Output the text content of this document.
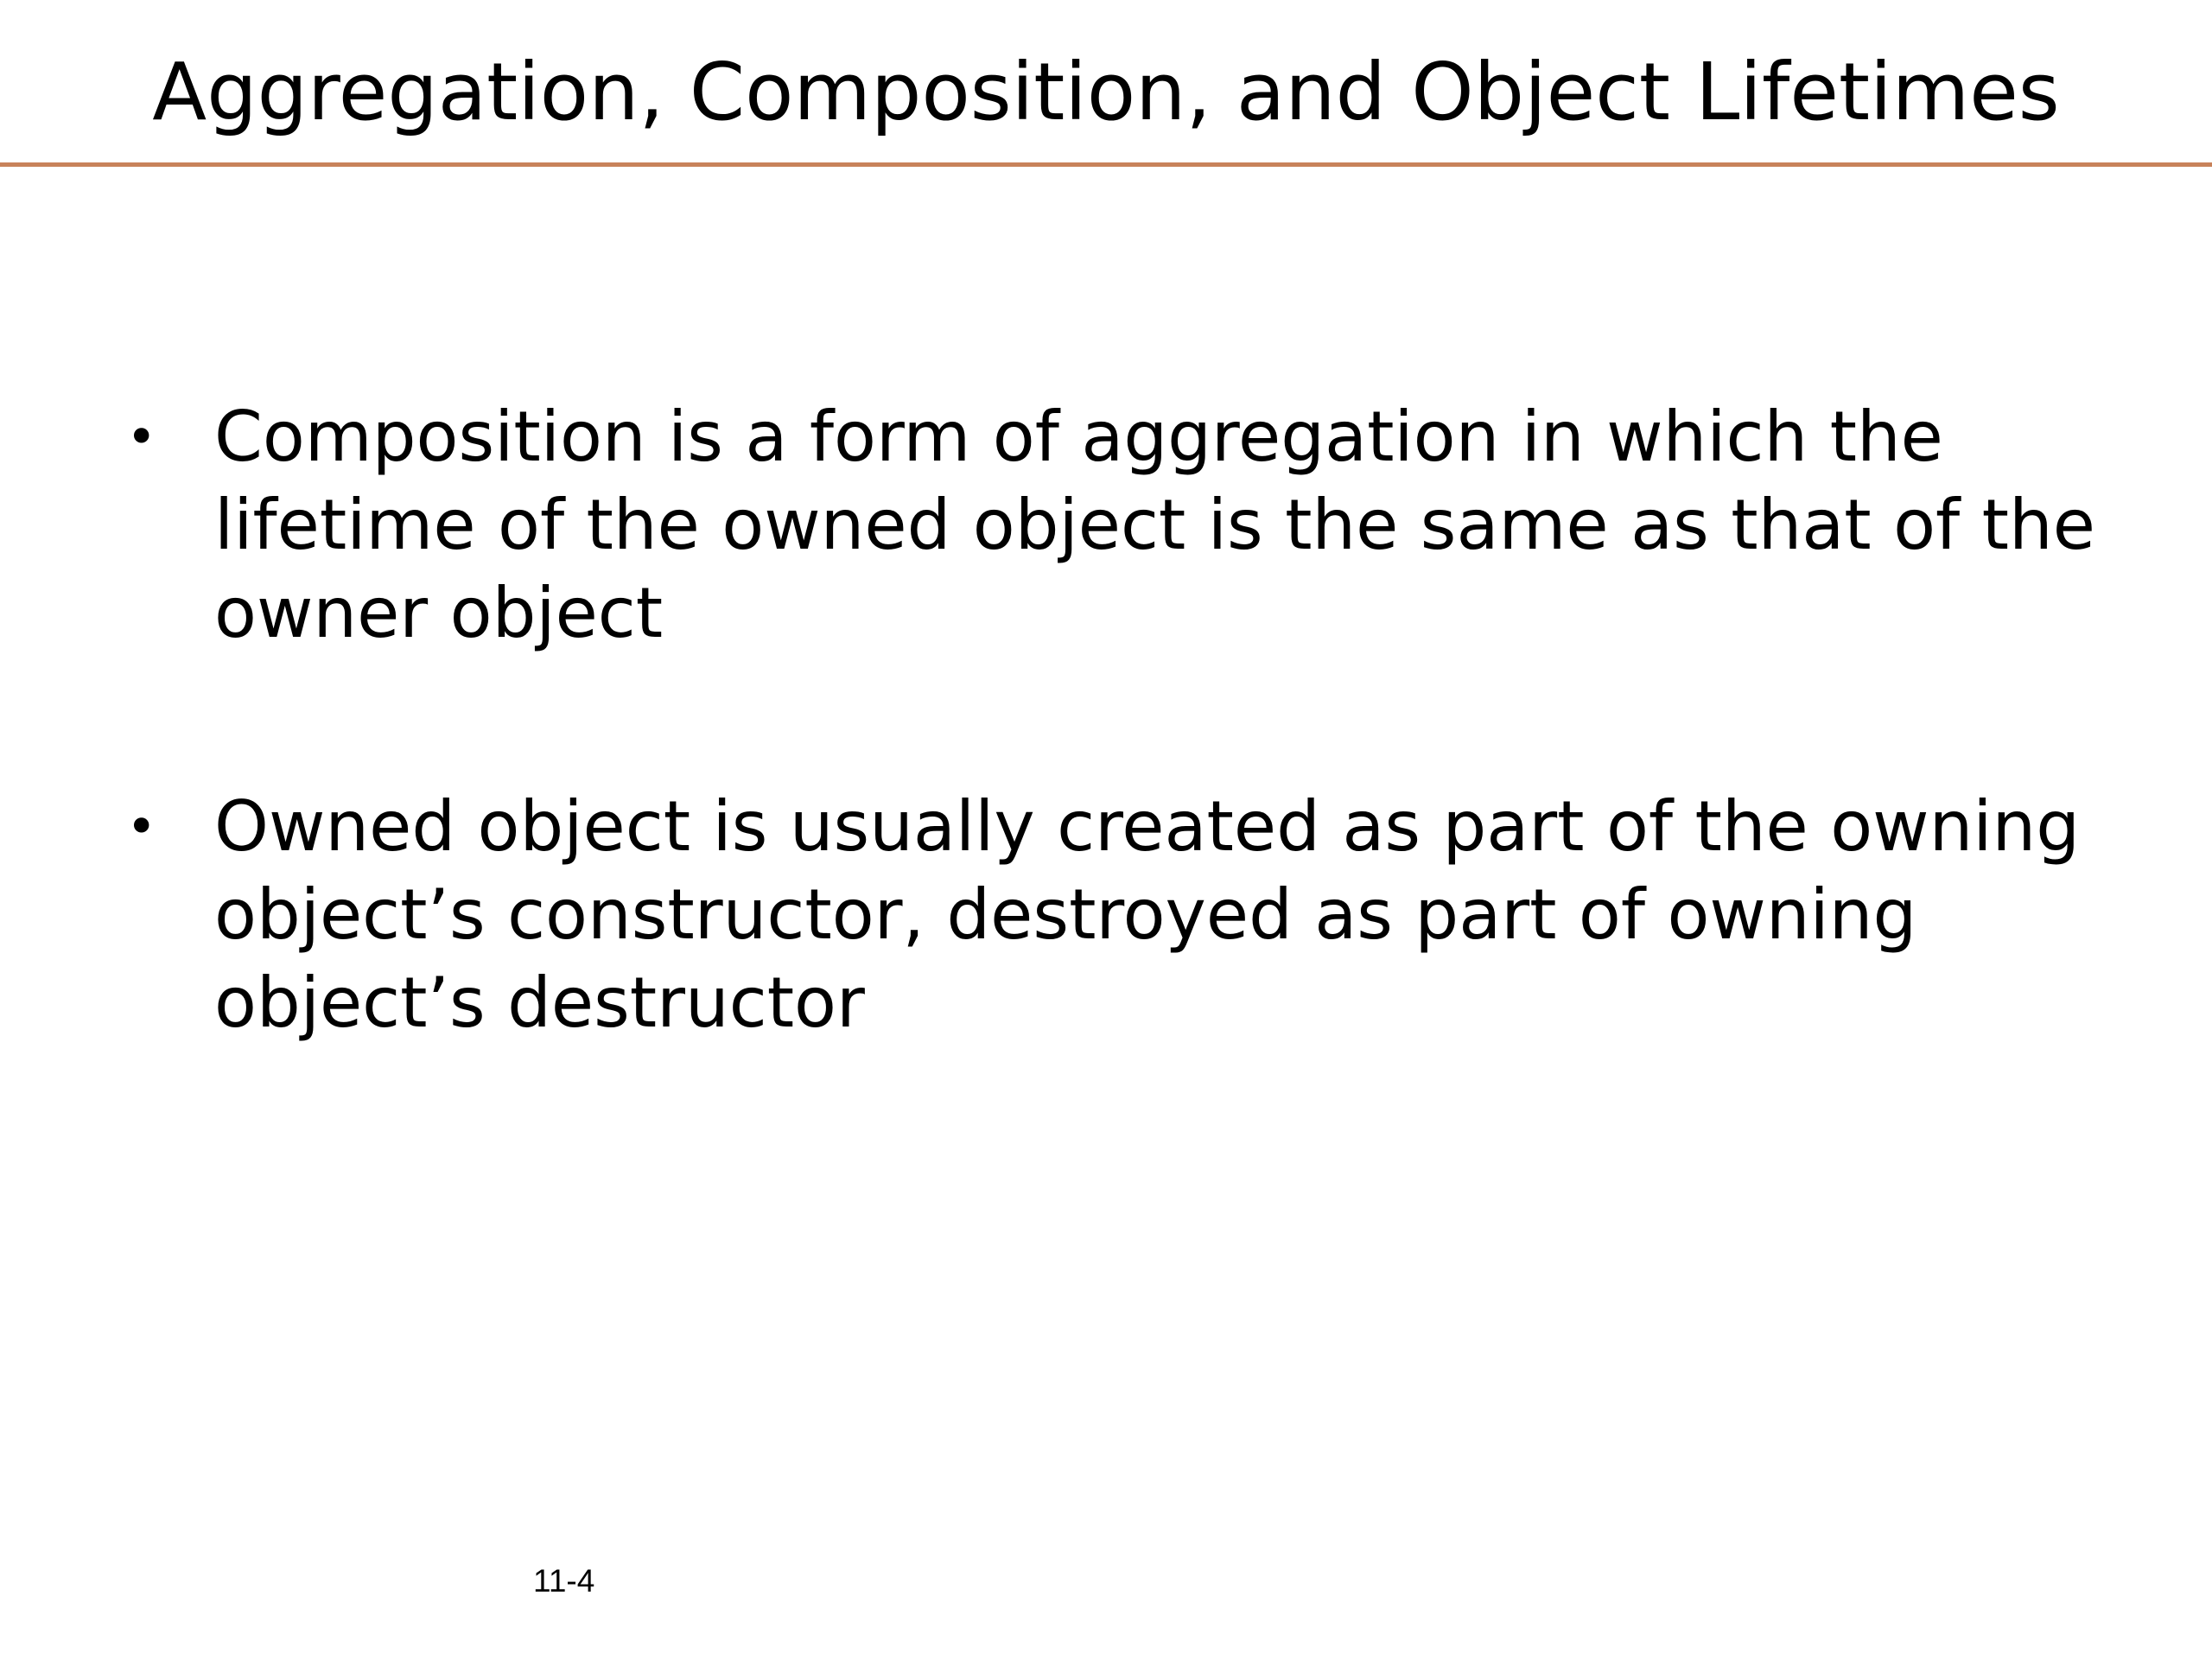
Aggregation, Composition, and Object Lifetimes
• Composition is a form of aggregation in which the lifetime of the owned object is the same as that of the owner object
• Owned object is usually created as part of the owning object’s constructor, destroyed as part of owning object’s destructor
11-4
